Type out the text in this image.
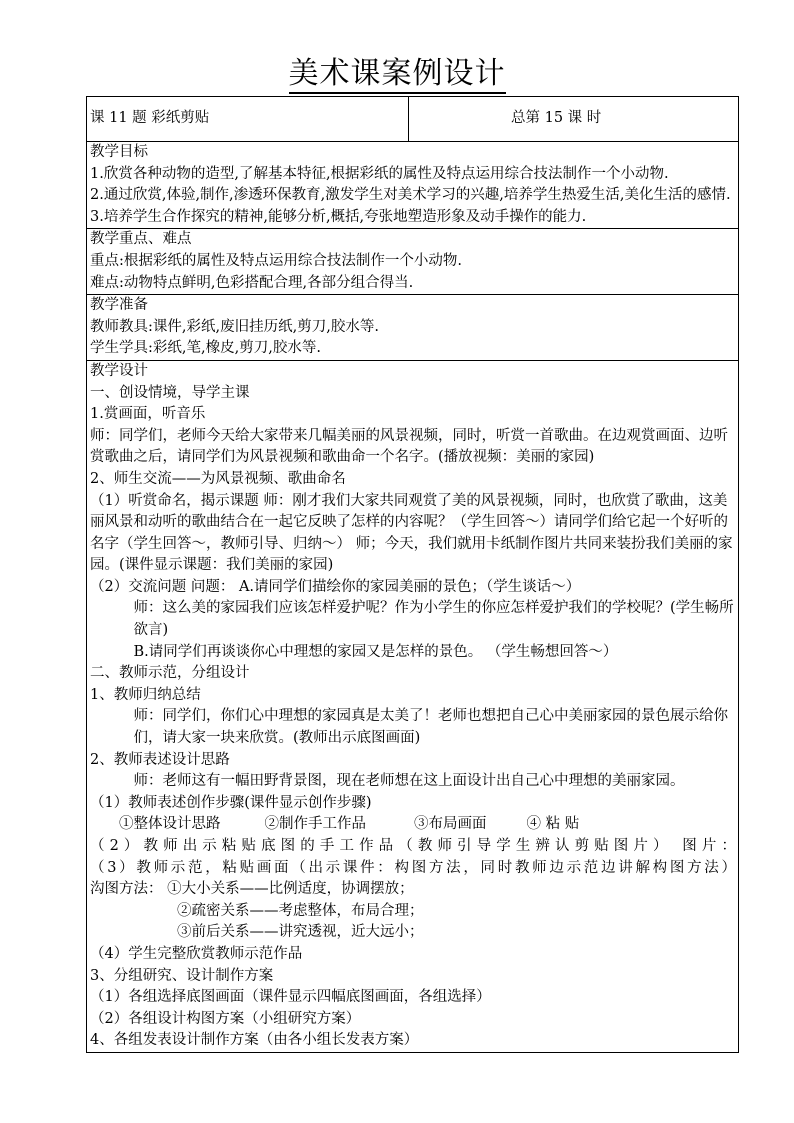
美术课案例设计
课 11 题 彩纸剪贴	总第 15 课 时

教学目标

1.欣赏各种动物的造型,了解基本特征,根据彩纸的属性及特点运用综合技法制作一个小动物.

2.通过欣赏,体验,制作,渗透环保教育,激发学生对美术学习的兴趣,培养学生热爱生活,美化生活的感情.

3.培养学生合作探究的精神,能够分析,概括,夸张地塑造形象及动手操作的能力.

教学重点、难点

重点:根据彩纸的属性及特点运用综合技法制作一个小动物.

难点:动物特点鲜明,色彩搭配合理,各部分组合得当.

教学准备

教师教具:课件,彩纸,废旧挂历纸,剪刀,胶水等.

学生学具:彩纸,笔,橡皮,剪刀,胶水等.

教学设计

一、创设情境，导学主课

1.赏画面，听音乐

师：同学们，老师今天给大家带来几幅美丽的风景视频，同时，听赏一首歌曲。在边观赏画面、边听赏歌曲之后，请同学们为风景视频和歌曲命一个名字。(播放视频：美丽的家园)

2、师生交流——为风景视频、歌曲命名

（1）听赏命名，揭示课题 师：刚才我们大家共同观赏了美的风景视频，同时，也欣赏了歌曲，这美丽风景和动听的歌曲结合在一起它反映了怎样的内容呢？（学生回答～）请同学们给它起一个好听的名字（学生回答～，教师引导、归纳～） 师；今天，我们就用卡纸制作图片共同来装扮我们美丽的家园。(课件显示课题：我们美丽的家园)

（2）交流问题 问题： A.请同学们描绘你的家园美丽的景色；（学生谈话～）

师：这么美的家园我们应该怎样爱护呢？作为小学生的你应怎样爱护我们的学校呢？(学生畅所欲言)

B.请同学们再谈谈你心中理想的家园又是怎样的景色。 （学生畅想回答～）

二、教师示范，分组设计

1、教师归纳总结

师：同学们，你们心中理想的家园真是太美了！老师也想把自己心中美丽家园的景色展示给你们，请大家一块来欣赏。(教师出示底图画面)

2、教师表述设计思路

师：老师这有一幅田野背景图，现在老师想在这上面设计出自己心中理想的美丽家园。

（1）教师表述创作步骤(课件显示创作步骤)

①整体设计思路	②制作手工作品	③布局画面	④ 粘 贴

（2）教师出示粘贴底图的手工作品（教师引导学生辨认剪贴图片） 图片：

（3）教师示范，粘贴画面（出示课件：构图方法，同时教师边示范边讲解构图方法）

沟图方法： ①大小关系——比例适度，协调摆放；

②疏密关系——考虑整体，布局合理；

③前后关系——讲究透视，近大远小；

（4）学生完整欣赏教师示范作品

3、分组研究、设计制作方案

（1）各组选择底图画面（课件显示四幅底图画面，各组选择）

（2）各组设计构图方案（小组研究方案）

4、各组发表设计制作方案（由各小组长发表方案）
